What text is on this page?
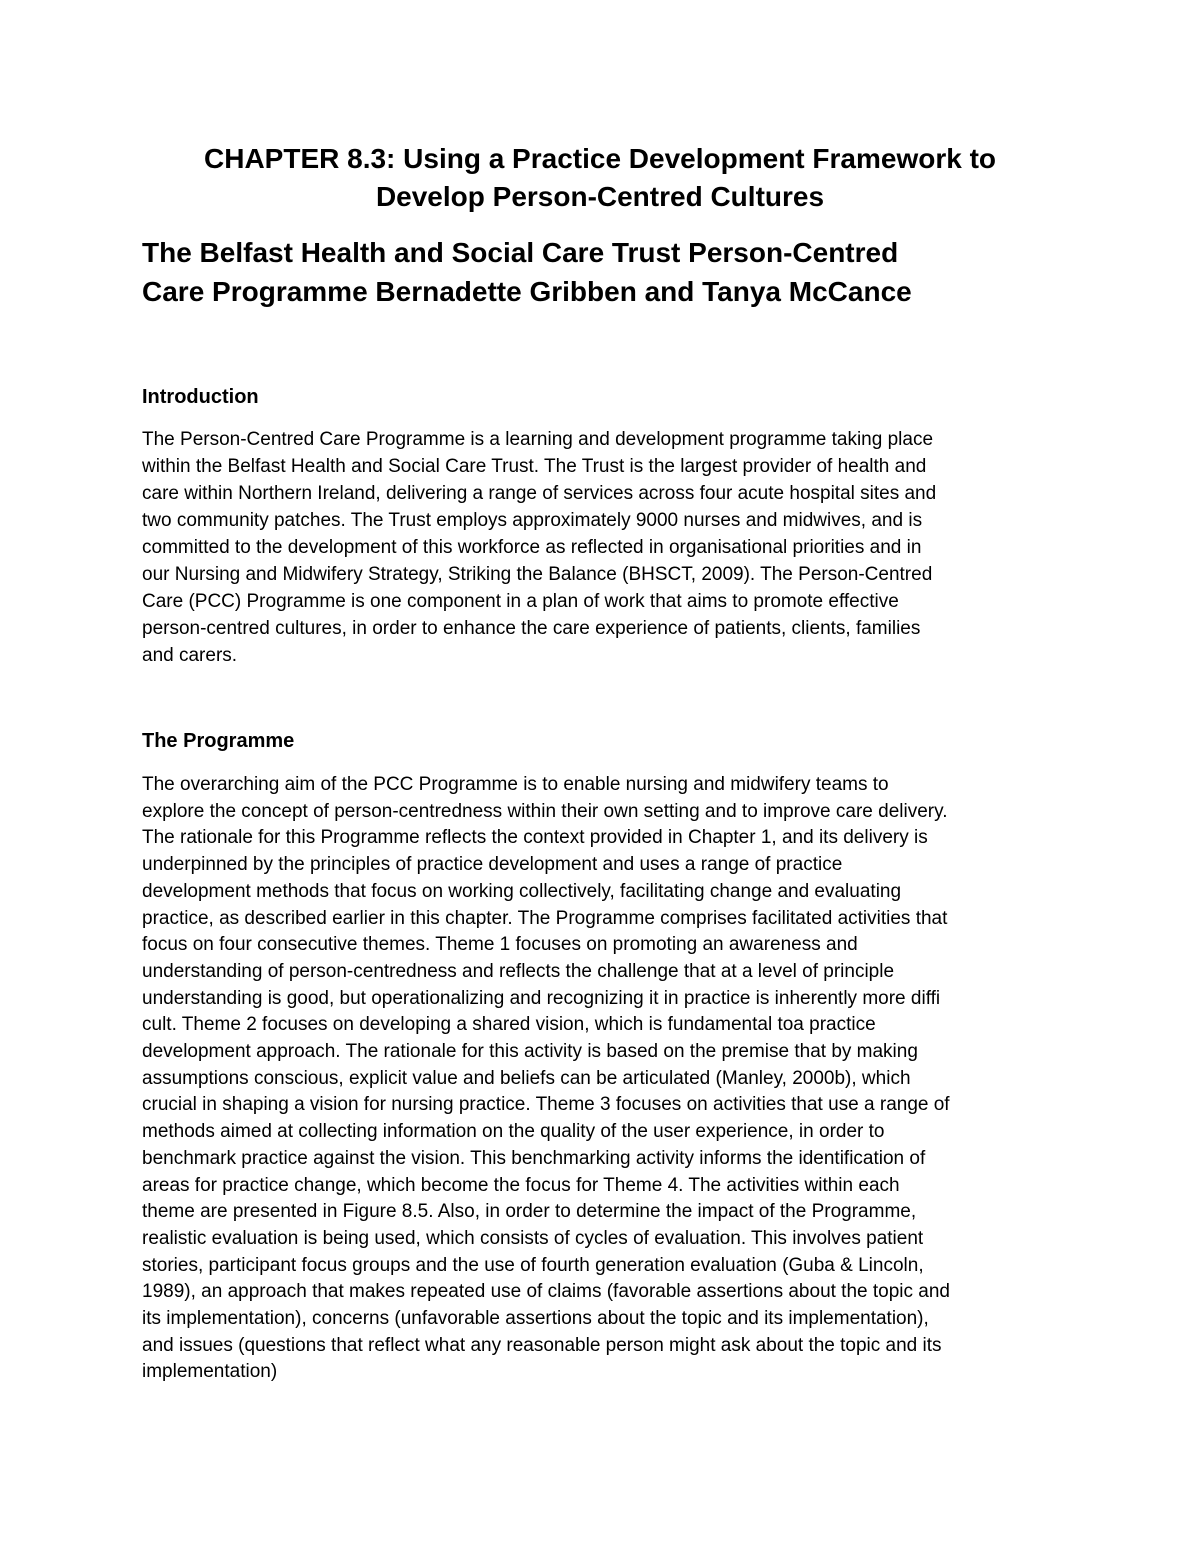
CHAPTER 8.3: Using a Practice Development Framework to
Develop Person-Centred Cultures
The Belfast Health and Social Care Trust Person-Centred
Care Programme Bernadette Gribben and Tanya McCance
Introduction

The Person-Centred Care Programme is a learning and development programme taking place
within the Belfast Health and Social Care Trust. The Trust is the largest provider of health and
care within Northern Ireland, delivering a range of services across four acute hospital sites and
two community patches. The Trust employs approximately 9000 nurses and midwives, and is
committed to the development of this workforce as reflected in organisational priorities and in
our Nursing and Midwifery Strategy, Striking the Balance (BHSCT, 2009). The Person-Centred
Care (PCC) Programme is one component in a plan of work that aims to promote effective
person-centred cultures, in order to enhance the care experience of patients, clients, families
and carers.

The Programme

The overarching aim of the PCC Programme is to enable nursing and midwifery teams to
explore the concept of person-centredness within their own setting and to improve care delivery.
The rationale for this Programme reflects the context provided in Chapter 1, and its delivery is
underpinned by the principles of practice development and uses a range of practice
development methods that focus on working collectively, facilitating change and evaluating
practice, as described earlier in this chapter. The Programme comprises facilitated activities that
focus on four consecutive themes. Theme 1 focuses on promoting an awareness and
understanding of person-centredness and reflects the challenge that at a level of principle
understanding is good, but operationalizing and recognizing it in practice is inherently more diffi
cult. Theme 2 focuses on developing a shared vision, which is fundamental toa practice
development approach. The rationale for this activity is based on the premise that by making
assumptions conscious, explicit value and beliefs can be articulated (Manley, 2000b), which
crucial in shaping a vision for nursing practice. Theme 3 focuses on activities that use a range of
methods aimed at collecting information on the quality of the user experience, in order to
benchmark practice against the vision. This benchmarking activity informs the identification of
areas for practice change, which become the focus for Theme 4. The activities within each
theme are presented in Figure 8.5. Also, in order to determine the impact of the Programme,
realistic evaluation is being used, which consists of cycles of evaluation. This involves patient
stories, participant focus groups and the use of fourth generation evaluation (Guba & Lincoln,
1989), an approach that makes repeated use of claims (favorable assertions about the topic and
its implementation), concerns (unfavorable assertions about the topic and its implementation),
and issues (questions that reflect what any reasonable person might ask about the topic and its
implementation)
